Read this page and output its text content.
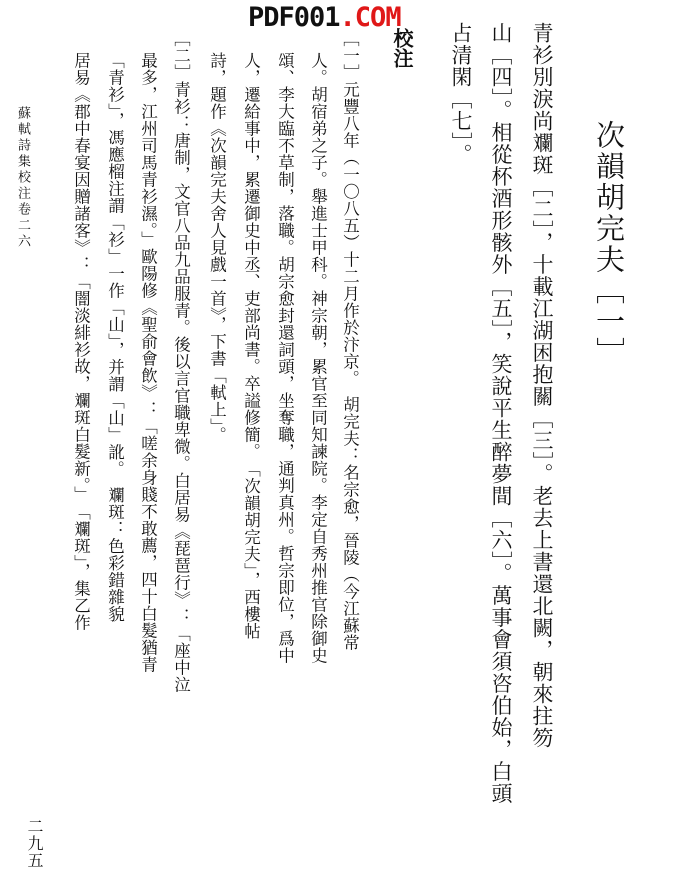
PDF001.COM
次韻胡完夫［一］
青衫別淚尚斕斑［二］，十載江湖困抱關［三］。老去上書還北闕，朝來拄笏
山［四］。相從杯酒形骸外［五］，笑說平生醉夢間［六］。萬事會須咨伯始，白頭
占清閑［七］。
校注
［一］元豐八年（一〇八五）十二月作於汴京。　胡完夫：名宗愈，晉陵（今江蘇常
人。胡宿弟之子。舉進士甲科。神宗朝，累官至同知諫院。李定自秀州推官除御史
頌、李大臨不草制，落職。胡宗愈封還詞頭，坐奪職，通判真州。哲宗即位，爲中
人，遷給事中，累遷御史中丞、吏部尚書。卒謚修簡。　「次韻胡完夫」，西樓帖
詩，題作《次韻完夫舍人見戲一首》，下書「軾上」。
［二］青衫：唐制，文官八品九品服青。後以言官職卑微。白居易《琵琶行》：「座中泣
最多，江州司馬青衫濕。」歐陽修《聖俞會飲》：「嗟余身賤不敢薦，四十白髮猶青
「青衫」，馮應榴注謂「衫」一作「山」，并謂「山」訛。　斕斑：色彩錯雜貌
居易《郡中春宴因贈諸客》：「闇淡緋衫故，斕斑白髮新。」　「斕斑」，集乙作
蘇軾詩集校注卷二六
二九五
